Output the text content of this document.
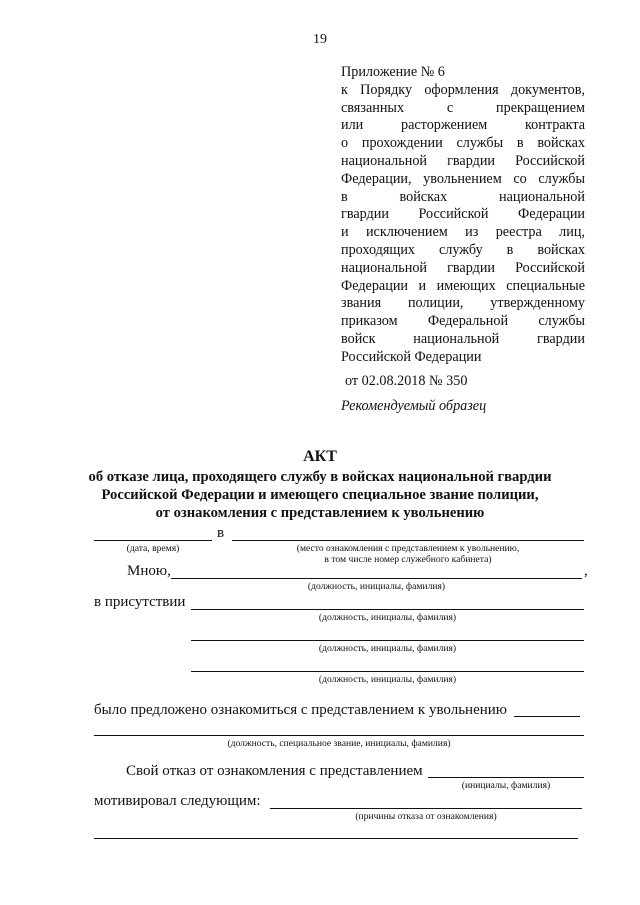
19
Приложение № 6
к Порядку оформления документов,
связанных с прекращением
или расторжением контракта
о прохождении службы в войсках
национальной гвардии Российской
Федерации, увольнением со службы
в войсках национальной
гвардии Российской Федерации
и исключением из реестра лиц,
проходящих службу в войсках
национальной гвардии Российской
Федерации и имеющих специальные
звания полиции, утвержденному
приказом Федеральной службы
войск национальной гвардии
Российской Федерации
от 02.08.2018 № 350
Рекомендуемый образец
АКТ
об отказе лица, проходящего службу в войсках национальной гвардии
Российской Федерации и имеющего специальное звание полиции,
от ознакомления с представлением к увольнению
в
(дата, время)	(место ознакомления с представлением к увольнению,
в том числе номер служебного кабинета)
Мною,	,
(должность, инициалы, фамилия)
в присутствии
(должность, инициалы, фамилия)
(должность, инициалы, фамилия)
(должность, инициалы, фамилия)
было предложено ознакомиться с представлением к увольнению
(должность, специальное звание, инициалы, фамилия)
Свой отказ от ознакомления с представлением
(инициалы, фамилия)
мотивировал следующим:
(причины отказа от ознакомления)
